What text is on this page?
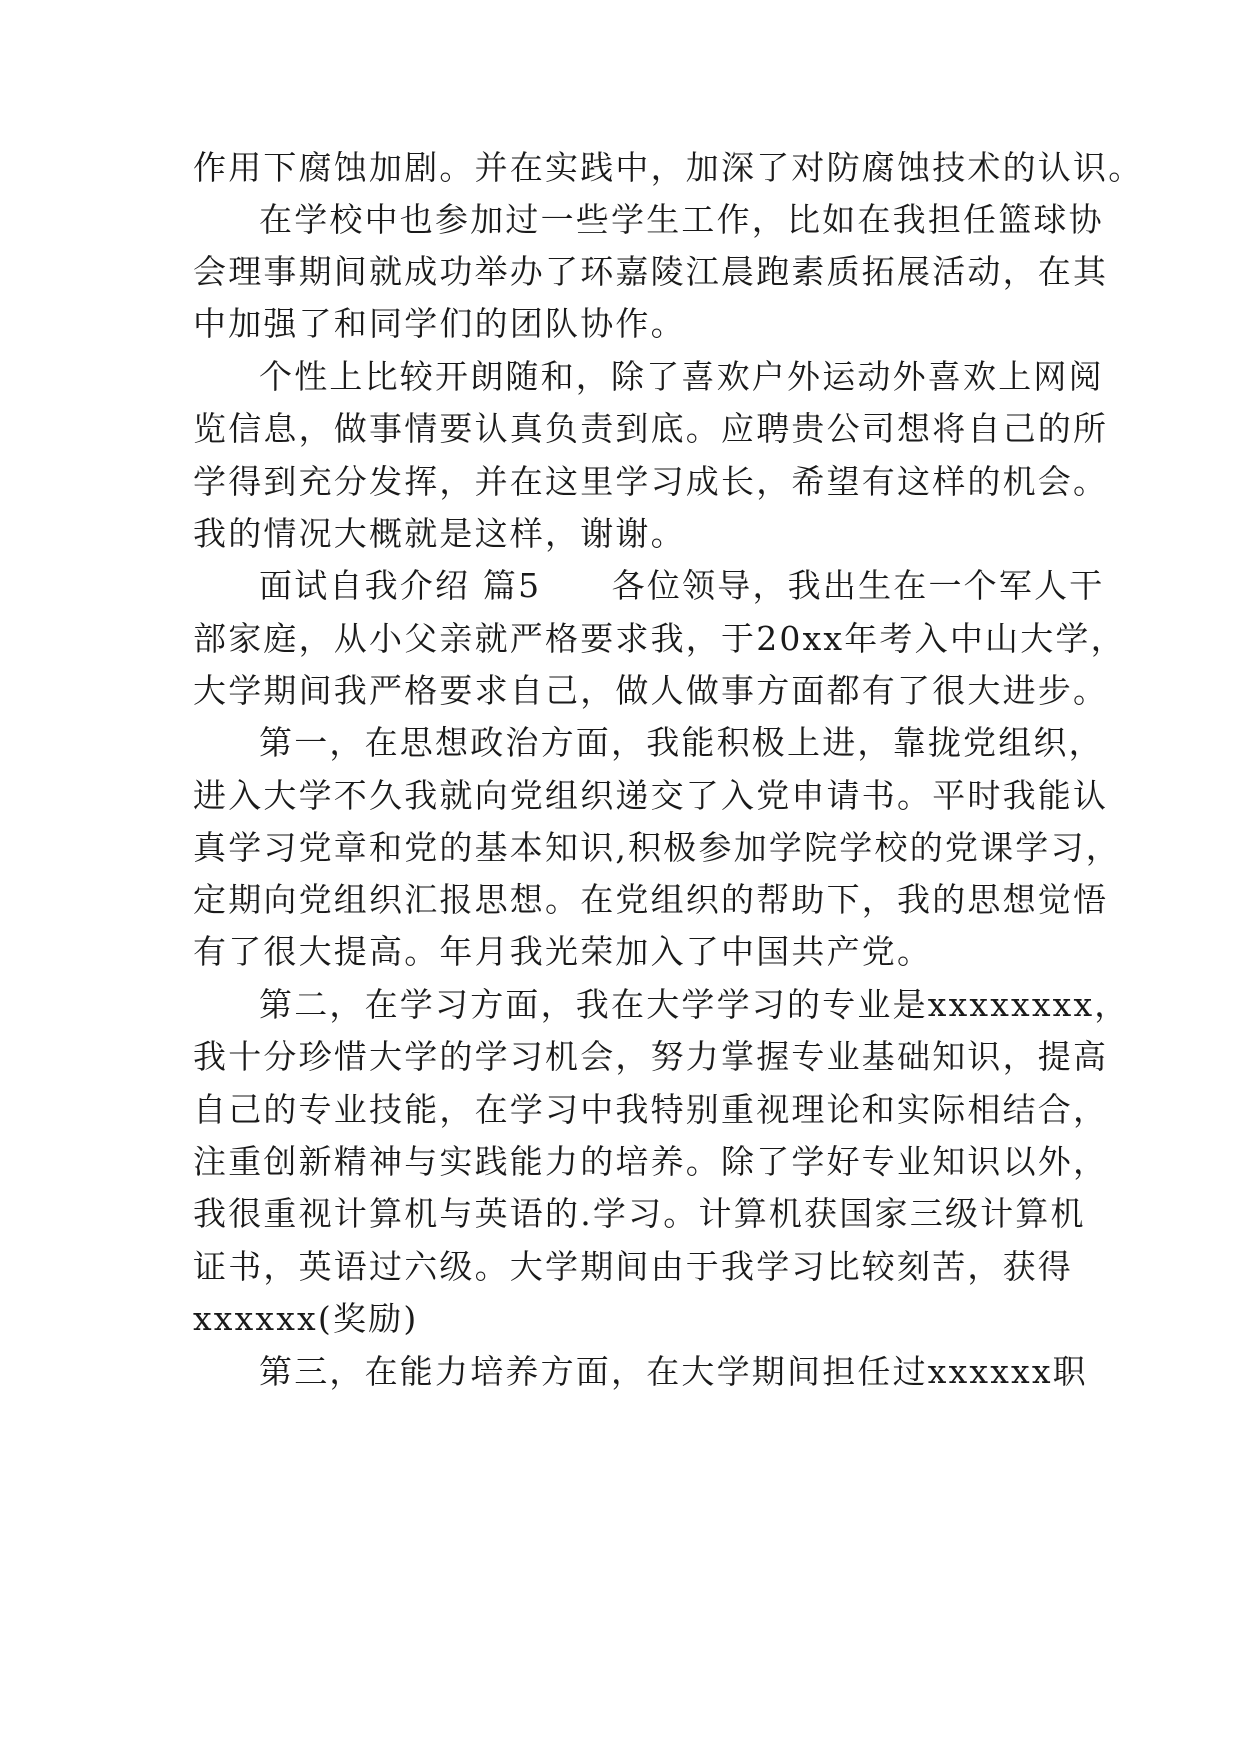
作用下腐蚀加剧。并在实践中，加深了对防腐蚀技术的认识。
在学校中也参加过一些学生工作，比如在我担任篮球协
会理事期间就成功举办了环嘉陵江晨跑素质拓展活动，在其
中加强了和同学们的团队协作。
个性上比较开朗随和，除了喜欢户外运动外喜欢上网阅
览信息，做事情要认真负责到底。应聘贵公司想将自己的所
学得到充分发挥，并在这里学习成长，希望有这样的机会。
我的情况大概就是这样，谢谢。
面试自我介绍 篇5　　各位领导，我出生在一个军人干
部家庭，从小父亲就严格要求我，于20xx年考入中山大学，
大学期间我严格要求自己，做人做事方面都有了很大进步。
第一，在思想政治方面，我能积极上进，靠拢党组织，
进入大学不久我就向党组织递交了入党申请书。平时我能认
真学习党章和党的基本知识,积极参加学院学校的党课学习，
定期向党组织汇报思想。在党组织的帮助下，我的思想觉悟
有了很大提高。年月我光荣加入了中国共产党。
第二，在学习方面，我在大学学习的专业是xxxxxxxx，
我十分珍惜大学的学习机会，努力掌握专业基础知识，提高
自己的专业技能，在学习中我特别重视理论和实际相结合，
注重创新精神与实践能力的培养。除了学好专业知识以外，
我很重视计算机与英语的.学习。计算机获国家三级计算机
证书，英语过六级。大学期间由于我学习比较刻苦，获得
xxxxxx(奖励)
第三，在能力培养方面，在大学期间担任过xxxxxx职
